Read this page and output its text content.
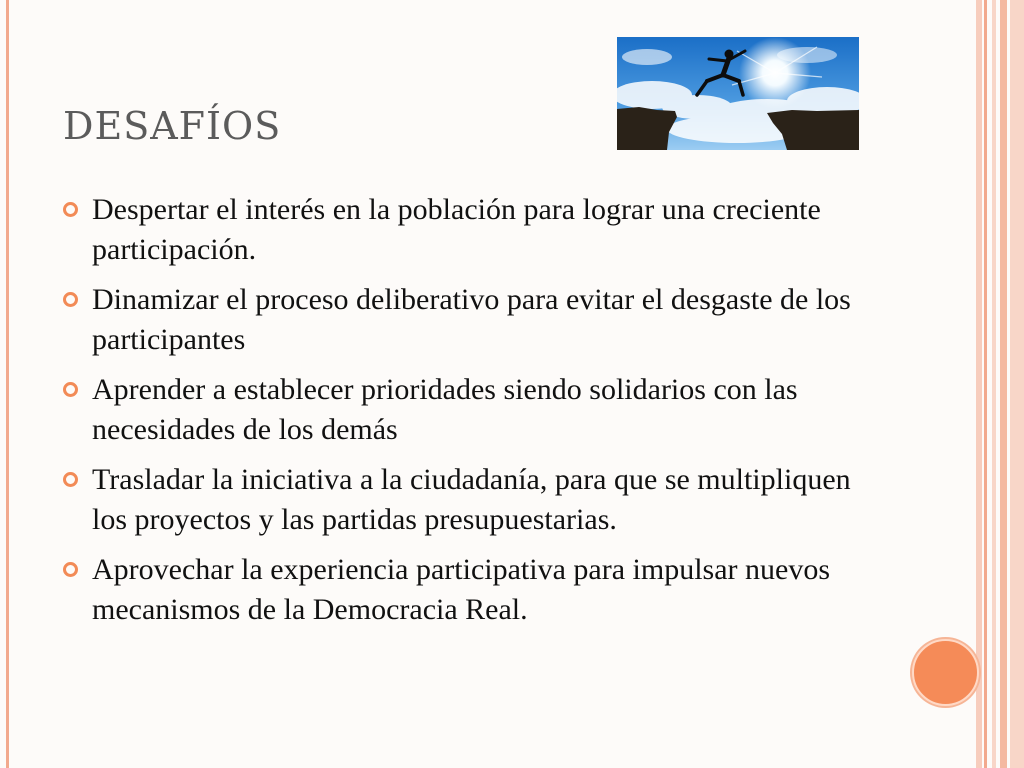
DESAFÍOS
Despertar el interés en la población para lograr una creciente participación.
Dinamizar el proceso deliberativo para evitar el desgaste de los participantes
Aprender a establecer prioridades siendo solidarios con las necesidades de los demás
Trasladar la iniciativa a la ciudadanía, para que se multipliquen los proyectos y las partidas presupuestarias.
Aprovechar la experiencia participativa para impulsar nuevos mecanismos de la Democracia Real.
